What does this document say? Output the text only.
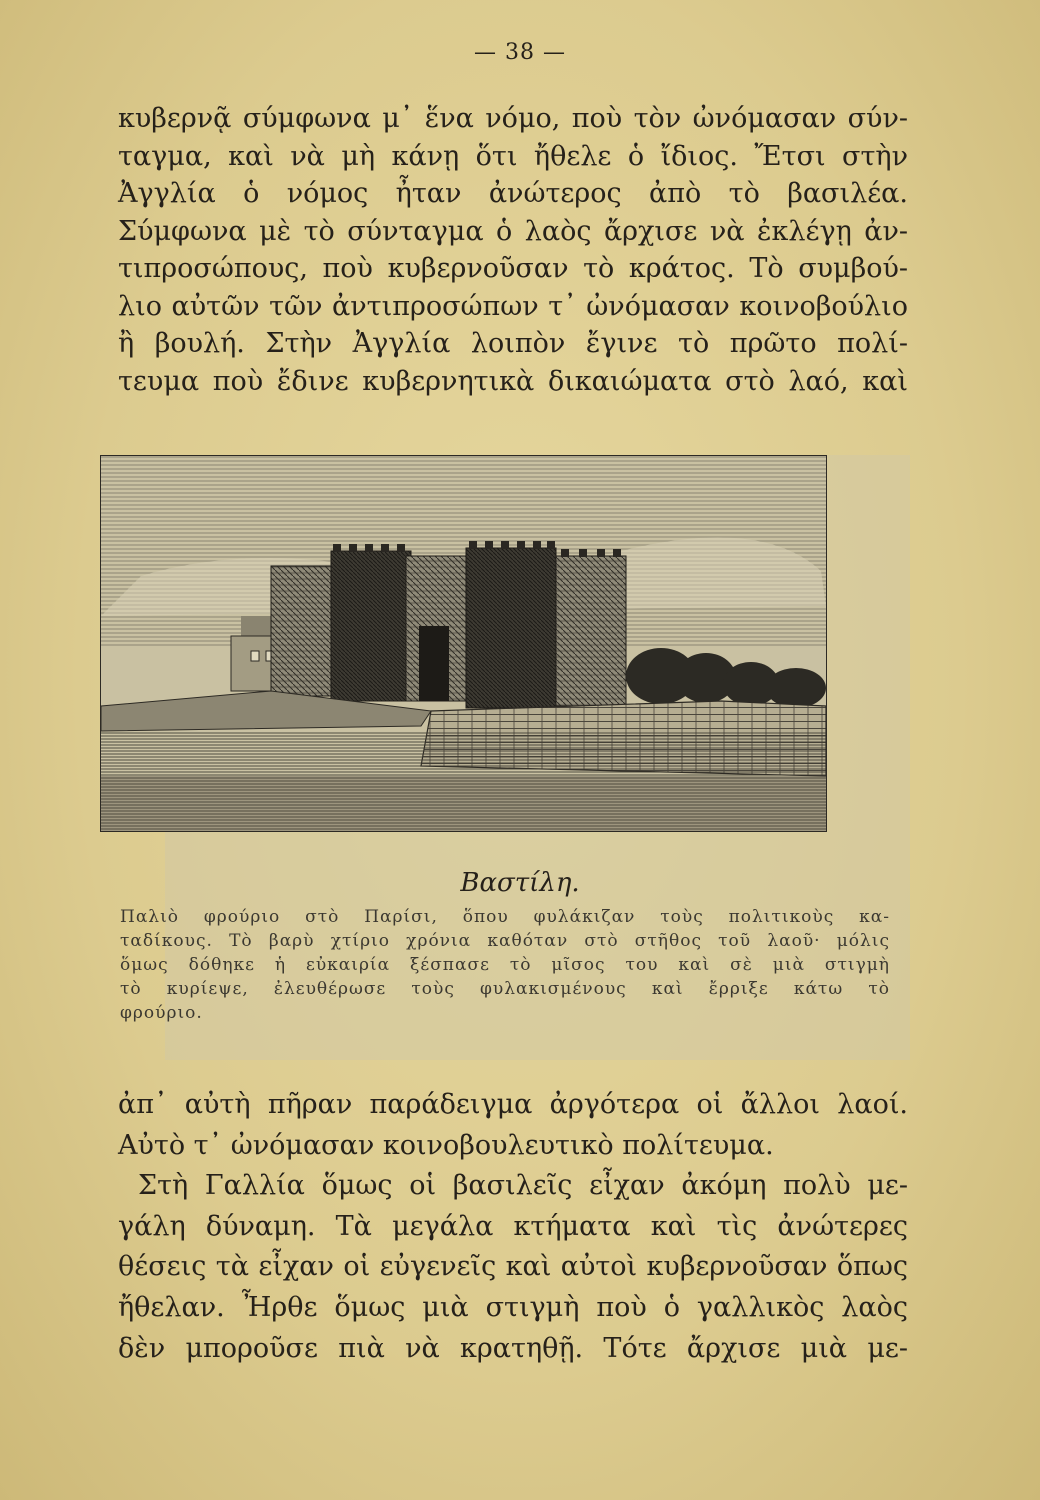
— 38 —
κυβερνᾷ σύμφωνα μ᾽ ἕνα νόμο, ποὺ τὸν ὠνόμασαν σύν-
ταγμα, καὶ νὰ μὴ κάνῃ ὅτι ἤθελε ὁ ἴδιος. Ἔτσι στὴν
Ἀγγλία ὁ νόμος ἦταν ἀνώτερος ἀπὸ τὸ βασιλέα.
Σύμφωνα μὲ τὸ σύνταγμα ὁ λαὸς ἄρχισε νὰ ἐκλέγῃ ἀν-
τιπροσώπους, ποὺ κυβερνοῦσαν τὸ κράτος. Τὸ συμβού-
λιο αὐτῶν τῶν ἀντιπροσώπων τ᾽ ὠνόμασαν κοινοβούλιο
ἢ βουλή. Στὴν Ἀγγλία λοιπὸν ἔγινε τὸ πρῶτο πολί-
τευμα ποὺ ἔδινε κυβερνητικὰ δικαιώματα στὸ λαό, καὶ
Βαστίλη.
Παλιὸ φρούριο στὸ Παρίσι, ὅπου φυλάκιζαν τοὺς πολιτικοὺς κα-
ταδίκους. Τὸ βαρὺ χτίριο χρόνια καθόταν στὸ στῆθος τοῦ λαοῦ· μόλις
ὅμως δόθηκε ἡ εὐκαιρία ξέσπασε τὸ μῖσος του καὶ σὲ μιὰ στιγμὴ
τὸ κυρίεψε, ἐλευθέρωσε τοὺς φυλακισμένους καὶ ἔρριξε κάτω τὸ
φρούριο.
ἀπ᾽ αὐτὴ πῆραν παράδειγμα ἀργότερα οἱ ἄλλοι λαοί.
Αὐτὸ τ᾽ ὠνόμασαν κοινοβουλευτικὸ πολίτευμα.
Στὴ Γαλλία ὅμως οἱ βασιλεῖς εἶχαν ἀκόμη πολὺ με-
γάλη δύναμη. Τὰ μεγάλα κτήματα καὶ τὶς ἀνώτερες
θέσεις τὰ εἶχαν οἱ εὐγενεῖς καὶ αὐτοὶ κυβερνοῦσαν ὅπως
ἤθελαν. Ἦρθε ὅμως μιὰ στιγμὴ ποὺ ὁ γαλλικὸς λαὸς
δὲν μποροῦσε πιὰ νὰ κρατηθῇ. Τότε ἄρχισε μιὰ με-
